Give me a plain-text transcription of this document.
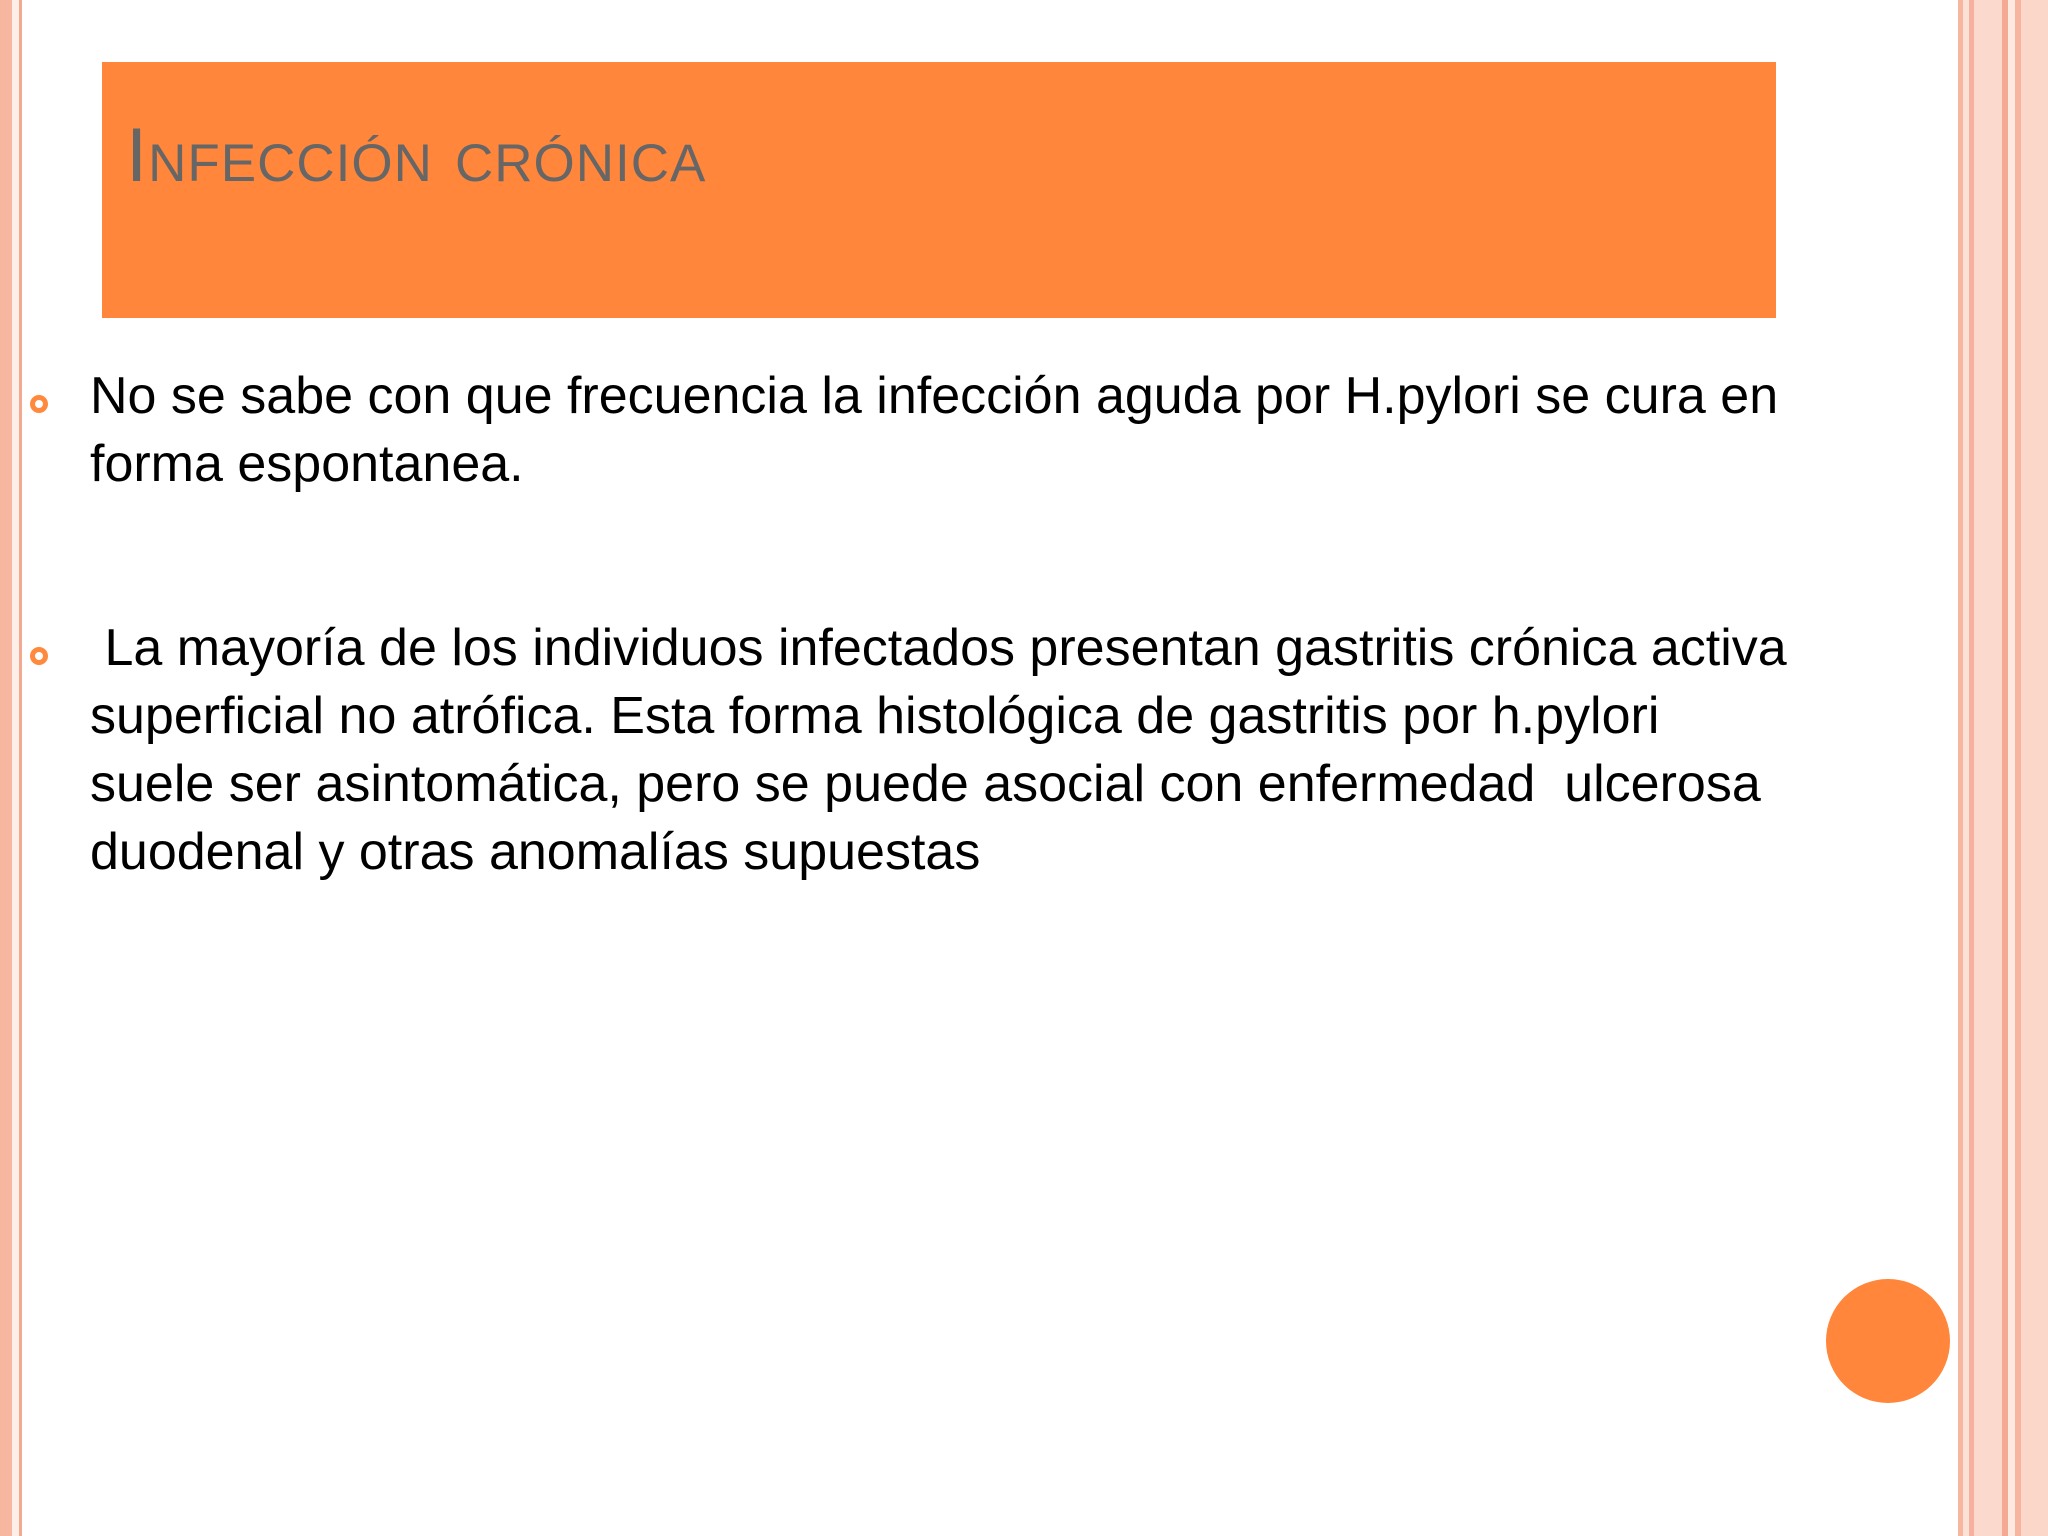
Infección crónica
No se sabe con que frecuencia la infección aguda por H.pylori se cura en forma espontanea.
La mayoría de los individuos infectados presentan gastritis crónica activa superficial no atrófica. Esta forma histológica de gastritis por h.pylori  suele ser asintomática, pero se puede asocial con enfermedad  ulcerosa duodenal y otras anomalías supuestas
